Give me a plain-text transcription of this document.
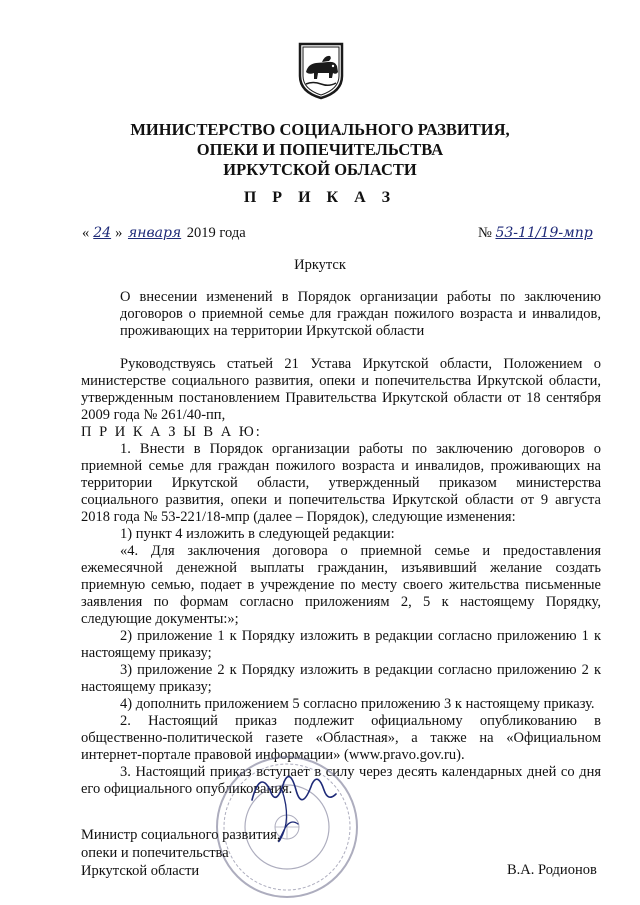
МИНИСТЕРСТВО СОЦИАЛЬНОГО РАЗВИТИЯ,
ОПЕКИ И ПОПЕЧИТЕЛЬСТВА
ИРКУТСКОЙ ОБЛАСТИ
П Р И К А З
« 24 » января 2019 года	№ 53-11/19-мпр
Иркутск
О внесении изменений в Порядок организации работы по заключению договоров о приемной семье для граждан пожилого возраста и инвалидов, проживающих на территории Иркутской области

Руководствуясь статьей 21 Устава Иркутской области, Положением о министерстве социального развития, опеки и попечительства Иркутской области, утвержденным постановлением Правительства Иркутской области от 18 сентября 2009 года № 261/40-пп,

П Р И К А З Ы В А Ю:

1. Внести в Порядок организации работы по заключению договоров о приемной семье для граждан пожилого возраста и инвалидов, проживающих на территории Иркутской области, утвержденный приказом министерства социального развития, опеки и попечительства Иркутской области от 9 августа 2018 года № 53-221/18-мпр (далее – Порядок), следующие изменения:

1) пункт 4 изложить в следующей редакции:

«4. Для заключения договора о приемной семье и предоставления ежемесячной денежной выплаты гражданин, изъявивший желание создать приемную семью, подает в учреждение по месту своего жительства письменные заявления по формам согласно приложениям 2, 5 к настоящему Порядку, следующие документы:»;

2) приложение 1 к Порядку изложить в редакции согласно приложению 1 к настоящему приказу;

3) приложение 2 к Порядку изложить в редакции согласно приложению 2 к настоящему приказу;

4) дополнить приложением 5 согласно приложению 3 к настоящему приказу.

2. Настоящий приказ подлежит официальному опубликованию в общественно-политической газете «Областная», а также на «Официальном интернет-портале правовой информации» (www.pravo.gov.ru).

3. Настоящий приказ вступает в силу через десять календарных дней со дня его официального опубликования.

Министр социального развития,
опеки и попечительства
Иркутской области	В.А. Родионов
